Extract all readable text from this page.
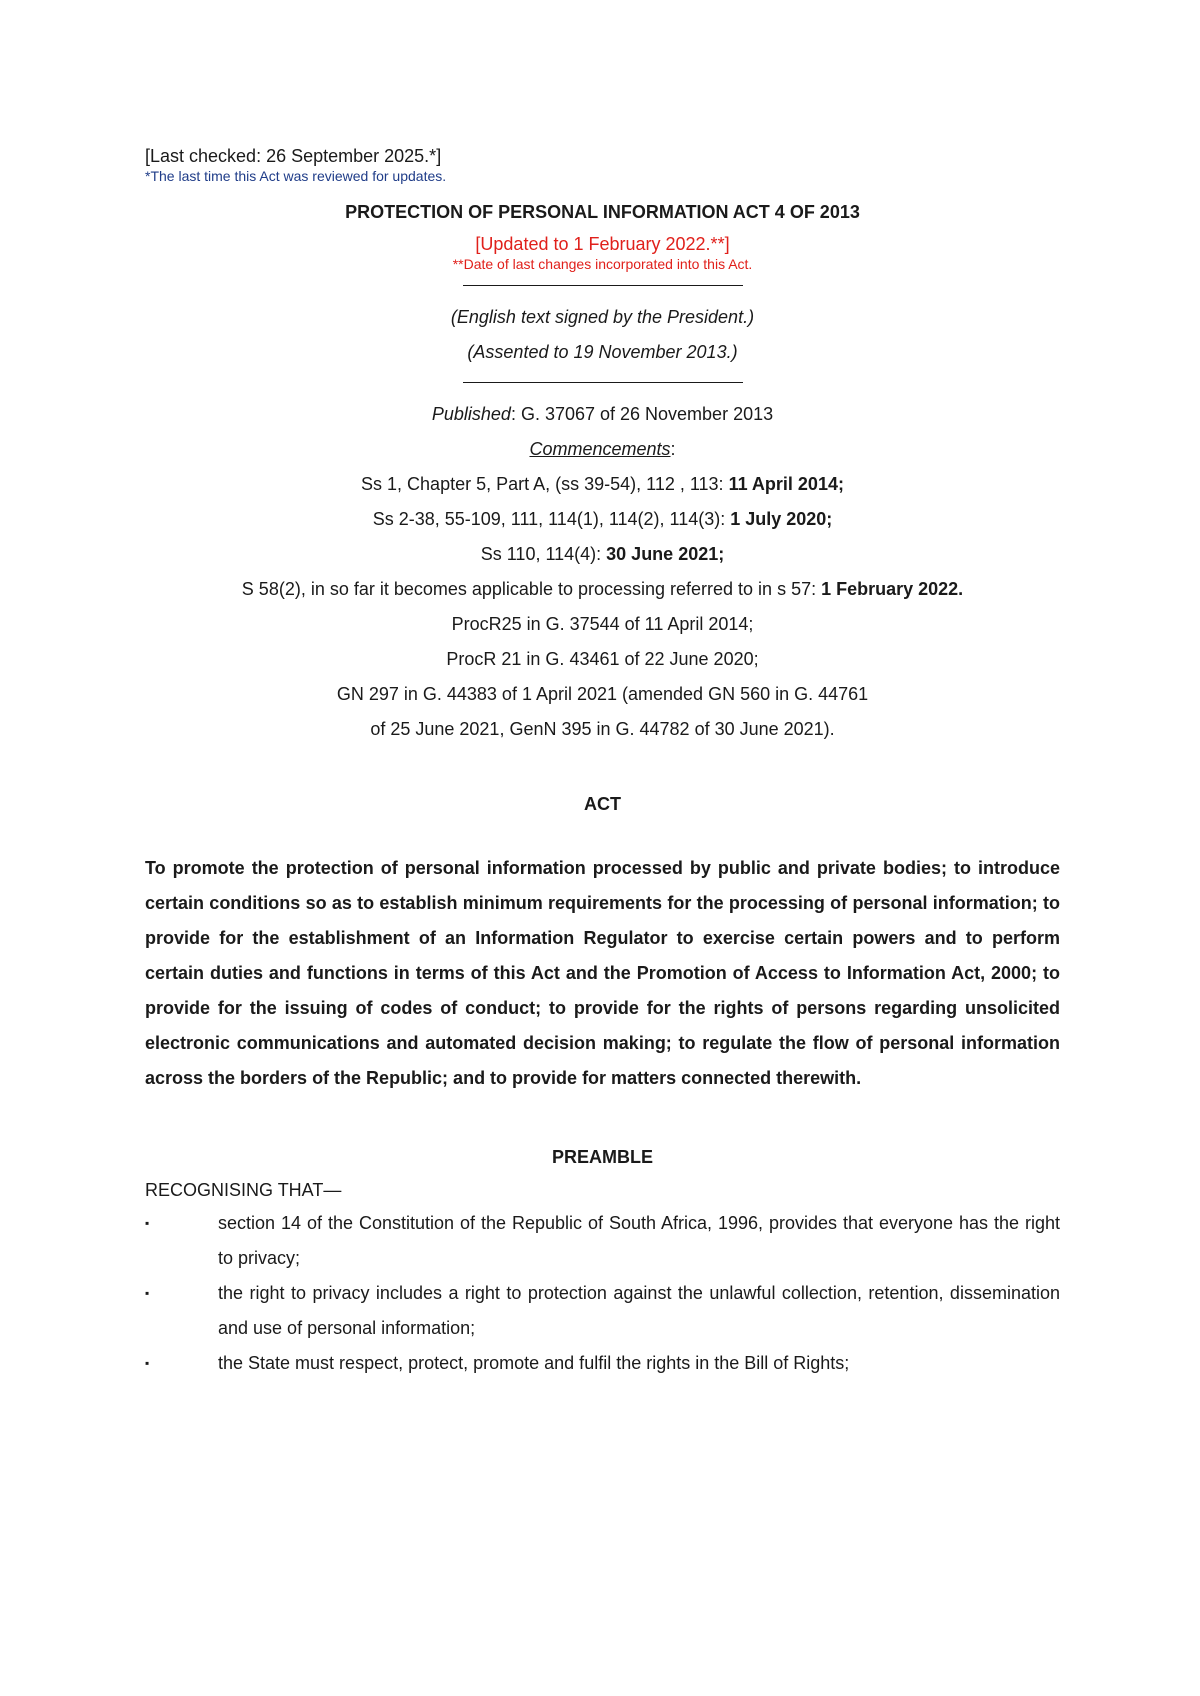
[Last checked: 26 September 2025.*]

*The last time this Act was reviewed for updates.

PROTECTION OF PERSONAL INFORMATION ACT 4 OF 2013

[Updated to 1 February 2022.**]

**Date of last changes incorporated into this Act.

(English text signed by the President.)

(Assented to 19 November 2013.)

Published: G. 37067 of 26 November 2013

Commencements:

Ss 1, Chapter 5, Part A, (ss 39-54), 112 , 113: 11 April 2014;

Ss 2-38, 55-109, 111, 114(1), 114(2), 114(3): 1 July 2020;

Ss 110, 114(4): 30 June 2021;

S 58(2), in so far it becomes applicable to processing referred to in s 57: 1 February 2022.

ProcR25 in G. 37544 of 11 April 2014;

ProcR 21 in G. 43461 of 22 June 2020;

GN 297 in G. 44383 of 1 April 2021 (amended GN 560 in G. 44761

of 25 June 2021, GenN 395 in G. 44782 of 30 June 2021).

ACT

To promote the protection of personal information processed by public and private bodies; to introduce certain conditions so as to establish minimum requirements for the processing of personal information; to provide for the establishment of an Information Regulator to exercise certain powers and to perform certain duties and functions in terms of this Act and the Promotion of Access to Information Act, 2000; to provide for the issuing of codes of conduct; to provide for the rights of persons regarding unsolicited electronic communications and automated decision making; to regulate the flow of personal information across the borders of the Republic; and to provide for matters connected therewith.

PREAMBLE

RECOGNISING THAT—

▪	section 14 of the Constitution of the Republic of South Africa, 1996, provides that everyone has the right to privacy;
▪	the right to privacy includes a right to protection against the unlawful collection, retention, dissemination and use of personal information;
▪	the State must respect, protect, promote and fulfil the rights in the Bill of Rights;
